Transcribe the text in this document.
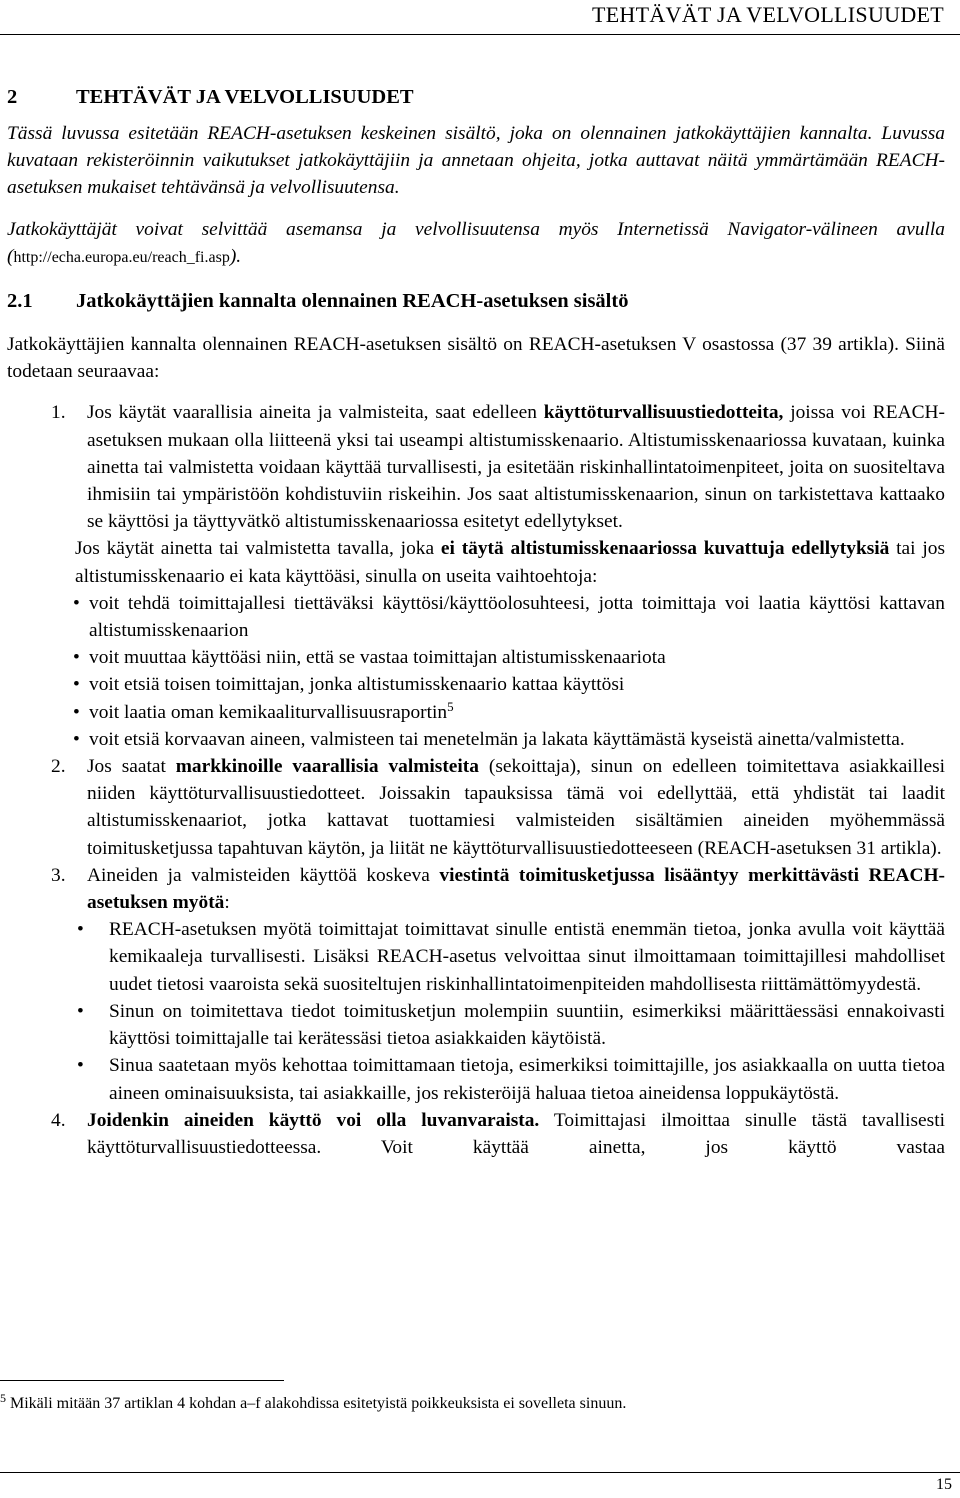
TEHTÄVÄT JA VELVOLLISUUDET
2	TEHTÄVÄT JA VELVOLLISUUDET

Tässä luvussa esitetään REACH-asetuksen keskeinen sisältö, joka on olennainen jatkokäyttäjien kannalta. Luvussa kuvataan rekisteröinnin vaikutukset jatkokäyttäjiin ja annetaan ohjeita, jotka auttavat näitä ymmärtämään REACH-asetuksen mukaiset tehtävänsä ja velvollisuutensa.

Jatkokäyttäjät voivat selvittää asemansa ja velvollisuutensa myös Internetissä Navigator-välineen avulla (http://echa.europa.eu/reach_fi.asp).

2.1	Jatkokäyttäjien kannalta olennainen REACH-asetuksen sisältö

Jatkokäyttäjien kannalta olennainen REACH-asetuksen sisältö on REACH-asetuksen V osastossa (37 39 artikla). Siinä todetaan seuraavaa:

1. Jos käytät vaarallisia aineita ja valmisteita, saat edelleen käyttöturvallisuustiedotteita, joissa voi REACH-asetuksen mukaan olla liitteenä yksi tai useampi altistumisskenaario. Altistumisskenaariossa kuvataan, kuinka ainetta tai valmistetta voidaan käyttää turvallisesti, ja esitetään riskinhallintatoimenpiteet, joita on suositeltava ihmisiin tai ympäristöön kohdistuviin riskeihin. Jos saat altistumisskenaarion, sinun on tarkistettava kattaako se käyttösi ja täyttyvätkö altistumisskenaariossa esitetyt edellytykset.

Jos käytät ainetta tai valmistetta tavalla, joka ei täytä altistumisskenaariossa kuvattuja edellytyksiä tai jos altistumisskenaario ei kata käyttöäsi, sinulla on useita vaihtoehtoja:

• voit tehdä toimittajallesi tiettäväksi käyttösi/käyttöolosuhteesi, jotta toimittaja voi laatia käyttösi kattavan altistumisskenaarion

• voit muuttaa käyttöäsi niin, että se vastaa toimittajan altistumisskenaariota

• voit etsiä toisen toimittajan, jonka altistumisskenaario kattaa käyttösi

• voit laatia oman kemikaaliturvallisuusraportin$^5$

• voit etsiä korvaavan aineen, valmisteen tai menetelmän ja lakata käyttämästä kyseistä ainetta/valmistetta.

2. Jos saatat markkinoille vaarallisia valmisteita (sekoittaja), sinun on edelleen toimitettava asiakkaillesi niiden käyttöturvallisuustiedotteet. Joissakin tapauksissa tämä voi edellyttää, että yhdistät tai laadit altistumisskenaariot, jotka kattavat tuottamiesi valmisteiden sisältämien aineiden myöhemmässä toimitusketjussa tapahtuvan käytön, ja liität ne käyttöturvallisuustiedotteeseen (REACH-asetuksen 31 artikla).

3. Aineiden ja valmisteiden käyttöä koskeva viestintä toimitusketjussa lisääntyy merkittävästi REACH-asetuksen myötä:

• REACH-asetuksen myötä toimittajat toimittavat sinulle entistä enemmän tietoa, jonka avulla voit käyttää kemikaaleja turvallisesti. Lisäksi REACH-asetus velvoittaa sinut ilmoittamaan toimittajillesi mahdolliset uudet tietosi vaaroista sekä suositeltujen riskinhallintatoimenpiteiden mahdollisesta riittämättömyydestä.

• Sinun on toimitettava tiedot toimitusketjun molempiin suuntiin, esimerkiksi määrittäessäsi ennakoivasti käyttösi toimittajalle tai kerätessäsi tietoa asiakkaiden käytöistä.

• Sinua saatetaan myös kehottaa toimittamaan tietoja, esimerkiksi toimittajille, jos asiakkaalla on uutta tietoa aineen ominaisuuksista, tai asiakkaille, jos rekisteröijä haluaa tietoa aineidensa loppukäytöstä.

4. Joidenkin aineiden käyttö voi olla luvanvaraista. Toimittajasi ilmoittaa sinulle tästä tavallisesti käyttöturvallisuustiedotteessa. Voit käyttää ainetta, jos käyttö vastaa

$^5$ Mikäli mitään 37 artiklan 4 kohdan a–f alakohdissa esitetyistä poikkeuksista ei sovelleta sinuun.
15
